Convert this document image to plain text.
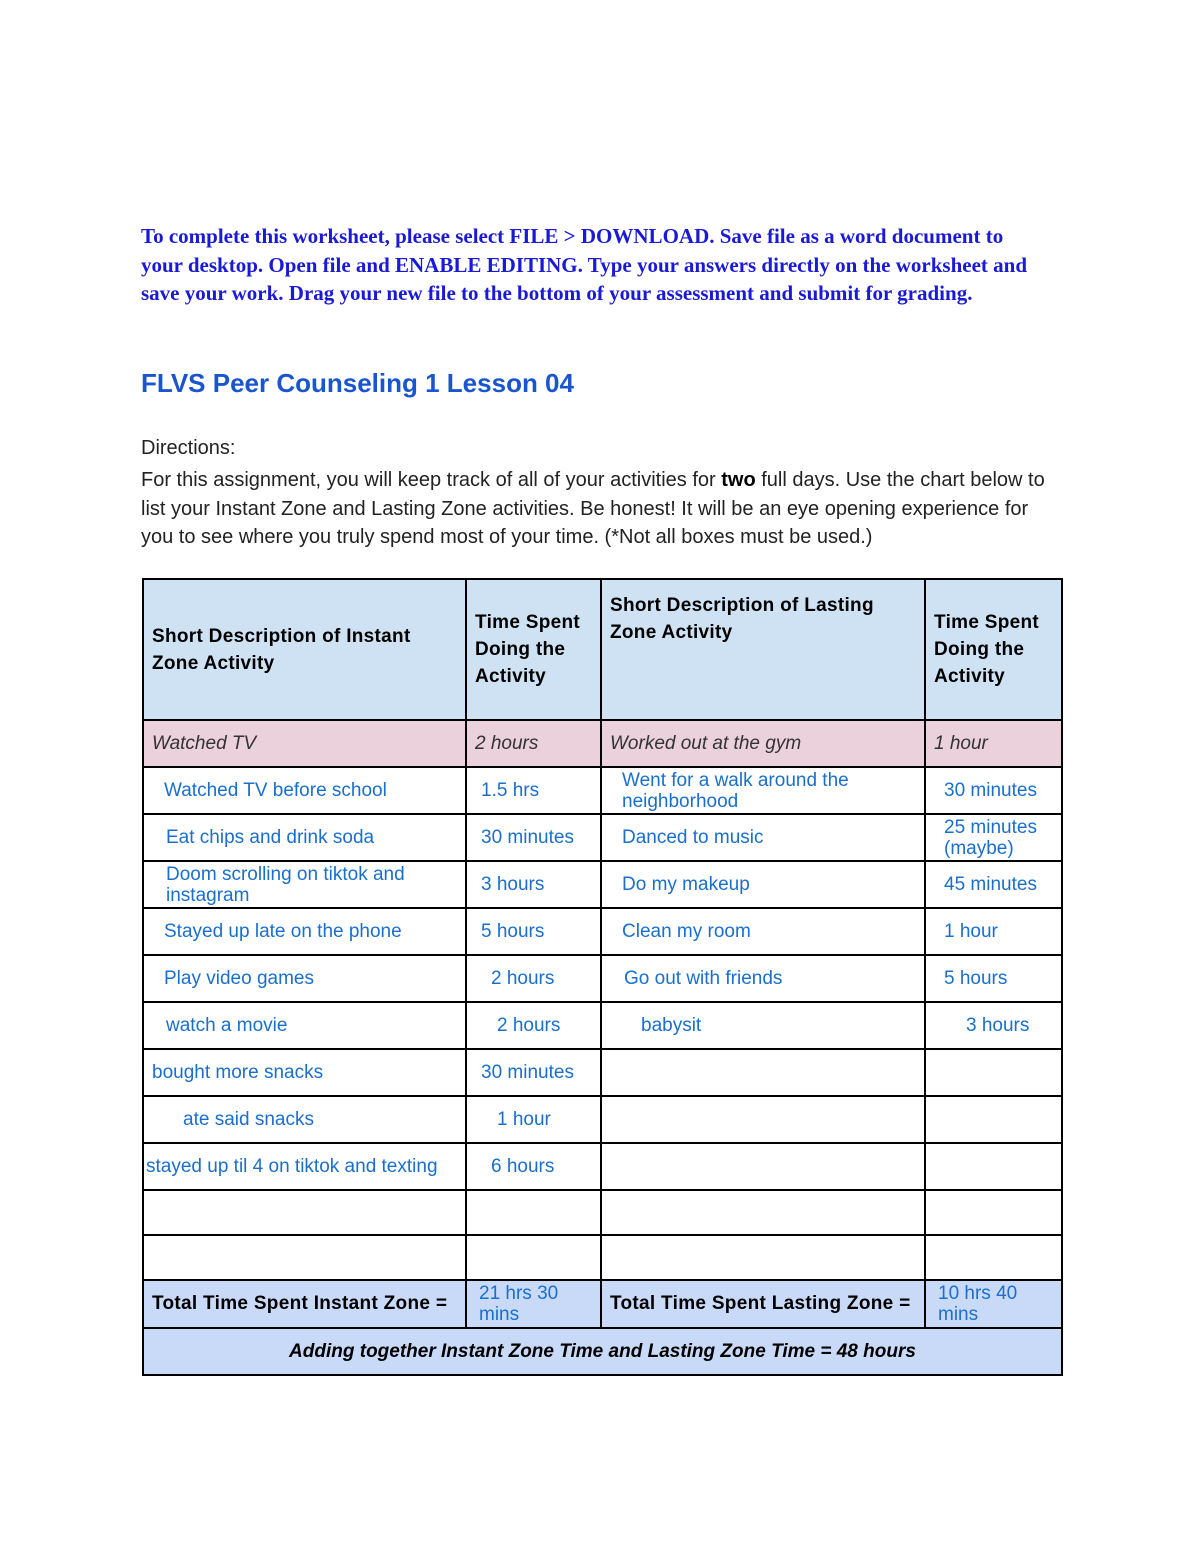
To complete this worksheet, please select FILE > DOWNLOAD. Save file as a word document to your desktop. Open file and ENABLE EDITING. Type your answers directly on the worksheet and save your work. Drag your new file to the bottom of your assessment and submit for grading.
FLVS Peer Counseling 1 Lesson 04
Directions:
For this assignment, you will keep track of all of your activities for two full days. Use the chart below to list your Instant Zone and Lasting Zone activities. Be honest! It will be an eye opening experience for you to see where you truly spend most of your time. (*Not all boxes must be used.)
Short Description of Instant Zone Activity	Time Spent Doing the Activity	Short Description of Lasting Zone Activity	Time Spent Doing the Activity
Watched TV	2 hours	Worked out at the gym	1 hour
Watched TV before school	1.5 hrs	Went for a walk around the neighborhood	30 minutes
Eat chips and drink soda	30 minutes	Danced to music	25 minutes (maybe)
Doom scrolling on tiktok and instagram	3 hours	Do my makeup	45 minutes
Stayed up late on the phone	5 hours	Clean my room	1 hour
Play video games	2 hours	Go out with friends	5 hours
watch a movie	2 hours	babysit	3 hours
bought more snacks	30 minutes		
ate said snacks	1 hour		
stayed up til 4 on tiktok and texting	6 hours		

Total Time Spent Instant Zone =	21 hrs 30 mins	Total Time Spent Lasting Zone =	10 hrs 40 mins
Adding together Instant Zone Time and Lasting Zone Time = 48 hours			
